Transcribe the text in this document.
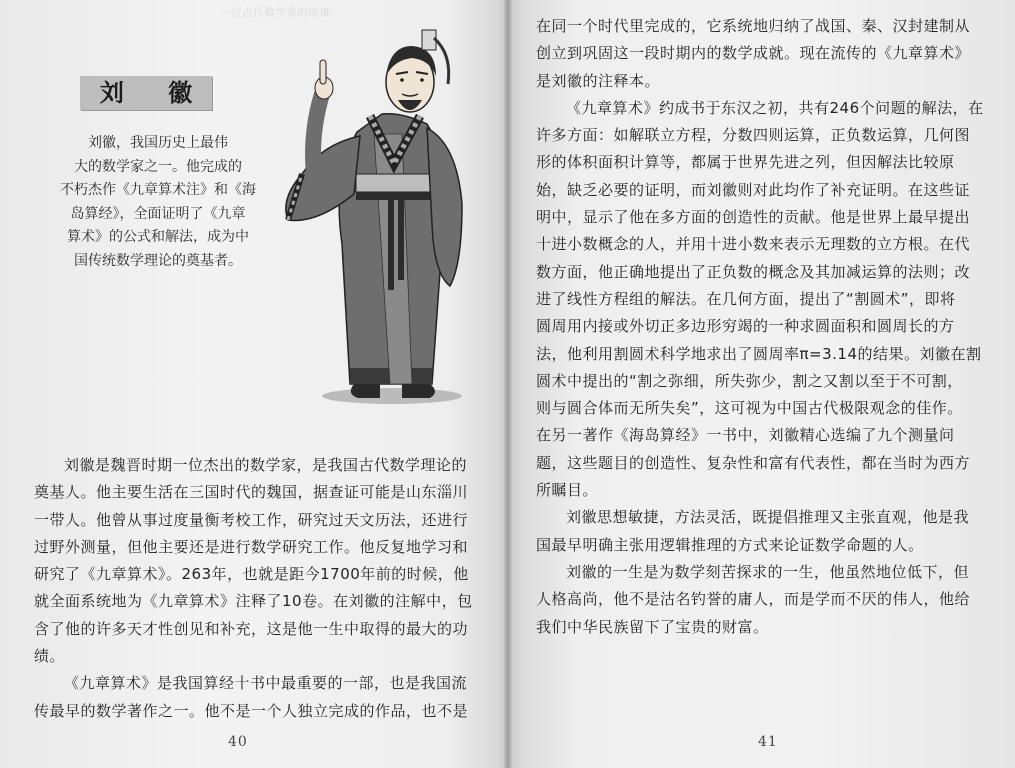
一位古代数学家的故事
刘 徽
刘徽，我国历史上最伟
大的数学家之一。他完成的
不朽杰作《九章算术注》和《海
岛算经》，全面证明了《九章
算术》的公式和解法，成为中
国传统数学理论的奠基者。
刘徽是魏晋时期一位杰出的数学家，是我国古代数学理论的
奠基人。他主要生活在三国时代的魏国，据查证可能是山东淄川
一带人。他曾从事过度量衡考校工作，研究过天文历法，还进行
过野外测量，但他主要还是进行数学研究工作。他反复地学习和
研究了《九章算术》。263年，也就是距今1700年前的时候，他
就全面系统地为《九章算术》注释了10卷。在刘徽的注解中，包
含了他的许多天才性创见和补充，这是他一生中取得的最大的功
绩。
《九章算术》是我国算经十书中最重要的一部，也是我国流
传最早的数学著作之一。他不是一个人独立完成的作品，也不是
40
在同一个时代里完成的，它系统地归纳了战国、秦、汉封建制从
创立到巩固这一段时期内的数学成就。现在流传的《九章算术》
是刘徽的注释本。
《九章算术》约成书于东汉之初，共有246个问题的解法，在
许多方面：如解联立方程，分数四则运算，正负数运算，几何图
形的体积面积计算等，都属于世界先进之列，但因解法比较原
始，缺乏必要的证明，而刘徽则对此均作了补充证明。在这些证
明中，显示了他在多方面的创造性的贡献。他是世界上最早提出
十进小数概念的人，并用十进小数来表示无理数的立方根。在代
数方面，他正确地提出了正负数的概念及其加减运算的法则；改
进了线性方程组的解法。在几何方面，提出了“割圆术”，即将
圆周用内接或外切正多边形穷竭的一种求圆面积和圆周长的方
法，他利用割圆术科学地求出了圆周率π=3.14的结果。刘徽在割
圆术中提出的“割之弥细，所失弥少，割之又割以至于不可割，
则与圆合体而无所失矣”，这可视为中国古代极限观念的佳作。
在另一著作《海岛算经》一书中，刘徽精心选编了九个测量问
题，这些题目的创造性、复杂性和富有代表性，都在当时为西方
所瞩目。
刘徽思想敏捷，方法灵活，既提倡推理又主张直观，他是我
国最早明确主张用逻辑推理的方式来论证数学命题的人。
刘徽的一生是为数学刻苦探求的一生，他虽然地位低下，但
人格高尚，他不是沽名钓誉的庸人，而是学而不厌的伟人，他给
我们中华民族留下了宝贵的财富。
41
